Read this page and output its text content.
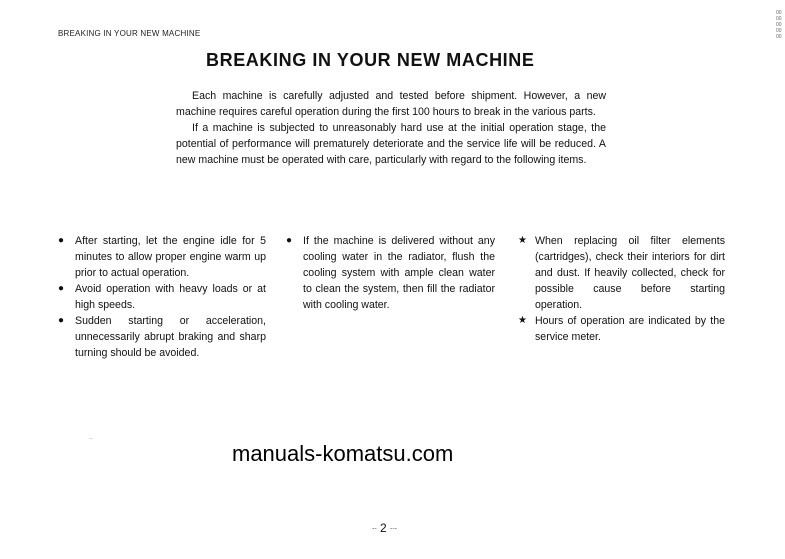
BREAKING IN YOUR NEW MACHINE
0000000000
BREAKING IN YOUR NEW MACHINE

Each machine is carefully adjusted and tested before shipment. However, a new machine requires careful operation during the first 100 hours to break in the various parts.

If a machine is subjected to unreasonably hard use at the initial operation stage, the potential of performance will prematurely deteriorate and the service life will be reduced. A new machine must be operated with care, particularly with regard to the following items.

● After starting, let the engine idle for 5 minutes to allow proper engine warm up prior to actual operation.
● Avoid operation with heavy loads or at high speeds.
● Sudden starting or acceleration, unnecessarily abrupt braking and sharp turning should be avoided.
● If the machine is delivered without any cooling water in the radiator, flush the cooling system with ample clean water to clean the system, then fill the radiator with cooling water.
★ When replacing oil filter elements (cartridges), check their interiors for dirt and dust. If heavily collected, check for possible cause before starting operation.
★ Hours of operation are indicated by the service meter.
..
manuals-komatsu.com
-- 2 ---
